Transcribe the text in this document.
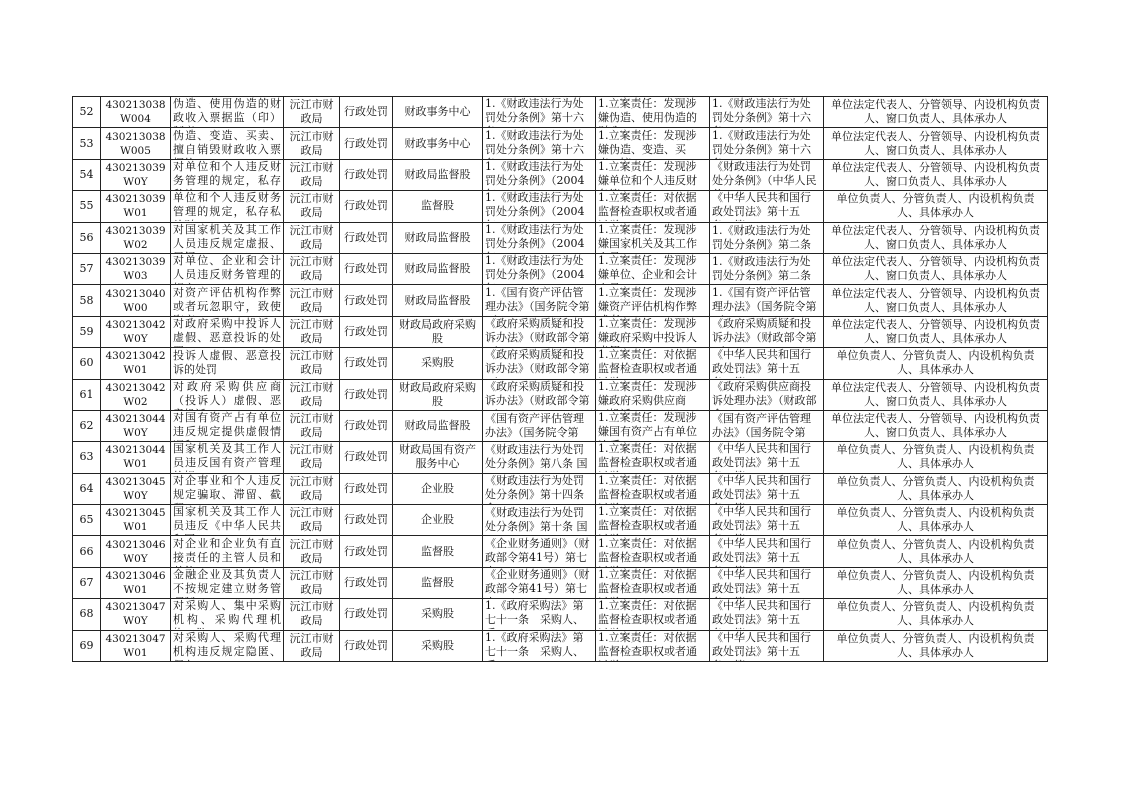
52	430213038W004	伪造、使用伪造的财政收入票据监（印）	沅江市财政局	行政处罚	财政事务中心	1.《财政违法行为处罚处分条例》第十六	1.立案责任：发现涉嫌伪造、使用伪造的	1.《财政违法行为处罚处分条例》第十六	单位法定代表人、分管领导、内设机构负责人、窗口负责人、具体承办人

53	430213038W005	伪造、变造、买卖、擅自销毁财政收入票	沅江市财政局	行政处罚	财政事务中心	1.《财政违法行为处罚处分条例》第十六	1.立案责任：发现涉嫌伪造、变造、买	1.《财政违法行为处罚处分条例》第十六	单位法定代表人、分管领导、内设机构负责人、窗口负责人、具体承办人

54	430213039W0Y	对单位和个人违反财务管理的规定，私存	沅江市财政局	行政处罚	财政局监督股	1.《财政违法行为处罚处分条例》（2004	1.立案责任：发现涉嫌单位和个人违反财	《财政违法行为处罚处分条例》（中华人民	单位法定代表人、分管领导、内设机构负责人、窗口负责人、具体承办人

55	430213039W01	单位和个人违反财务管理的规定，私存私	沅江市财政局	行政处罚	监督股	1.《财政违法行为处罚处分条例》（2004	1.立案责任：对依据监督检查职权或者通	《中华人民共和国行政处罚法》第十五	单位负责人、分管负责人、内设机构负责人、具体承办人

56	430213039W02	对国家机关及其工作人员违反规定虚报、	沅江市财政局	行政处罚	财政局监督股	1.《财政违法行为处罚处分条例》（2004	1.立案责任：发现涉嫌国家机关及其工作	1.《财政违法行为处罚处分条例》第二条	单位法定代表人、分管领导、内设机构负责人、窗口负责人、具体承办人

57	430213039W03	对单位、企业和会计人员违反财务管理的	沅江市财政局	行政处罚	财政局监督股	1.《财政违法行为处罚处分条例》（2004	1.立案责任：发现涉嫌单位、企业和会计	1.《财政违法行为处罚处分条例》第二条	单位法定代表人、分管领导、内设机构负责人、窗口负责人、具体承办人

58	430213040W00	对资产评估机构作弊或者玩忽职守，致使	沅江市财政局	行政处罚	财政局监督股	1.《国有资产评估管理办法》（国务院令第	1.立案责任：发现涉嫌资产评估机构作弊	1.《国有资产评估管理办法》（国务院令第	单位法定代表人、分管领导、内设机构负责人、窗口负责人、具体承办人

59	430213042W0Y	对政府采购中投诉人虚假、恶意投诉的处	沅江市财政局	行政处罚	财政局政府采购股	《政府采购质疑和投诉办法》（财政部令第	1.立案责任：发现涉嫌政府采购中投诉人	《政府采购质疑和投诉办法》（财政部令第	单位法定代表人、分管领导、内设机构负责人、窗口负责人、具体承办人

60	430213042W01	投诉人虚假、恶意投诉的处罚	沅江市财政局	行政处罚	采购股	《政府采购质疑和投诉办法》（财政部令第	1.立案责任：对依据监督检查职权或者通	《中华人民共和国行政处罚法》第十五	单位负责人、分管负责人、内设机构负责人、具体承办人

61	430213042W02	对政府采购供应商（投诉人）虚假、恶	沅江市财政局	行政处罚	财政局政府采购股	《政府采购质疑和投诉办法》（财政部令第	1.立案责任：发现涉嫌政府采购供应商	《政府采购供应商投诉处理办法》（财政部	单位法定代表人、分管领导、内设机构负责人、窗口负责人、具体承办人

62	430213044W0Y	对国有资产占有单位违反规定提供虚假情	沅江市财政局	行政处罚	财政局监督股	《国有资产评估管理办法》（国务院令第	1.立案责任：发现涉嫌国有资产占有单位	《国有资产评估管理办法》（国务院令第	单位法定代表人、分管领导、内设机构负责人、窗口负责人、具体承办人

63	430213044W01	国家机关及其工作人员违反国有资产管理	沅江市财政局	行政处罚	财政局国有资产服务中心	《财政违法行为处罚处分条例》第八条 国	1.立案责任：对依据监督检查职权或者通	《中华人民共和国行政处罚法》第十五	单位负责人、分管负责人、内设机构负责人、具体承办人

64	430213045W0Y	对企事业和个人违反规定骗取、滞留、截	沅江市财政局	行政处罚	企业股	《财政违法行为处罚处分条例》第十四条	1.立案责任：对依据监督检查职权或者通	《中华人民共和国行政处罚法》第十五	单位负责人、分管负责人、内设机构负责人、具体承办人

65	430213045W01	国家机关及其工作人员违反《中华人民共	沅江市财政局	行政处罚	企业股	《财政违法行为处罚处分条例》第十条 国	1.立案责任：对依据监督检查职权或者通	《中华人民共和国行政处罚法》第十五	单位负责人、分管负责人、内设机构负责人、具体承办人

66	430213046W0Y	对企业和企业负有直接责任的主管人员和	沅江市财政局	行政处罚	监督股	《企业财务通则》（财政部令第41号）第七	1.立案责任：对依据监督检查职权或者通	《中华人民共和国行政处罚法》第十五	单位负责人、分管负责人、内设机构负责人、具体承办人

67	430213046W01	金融企业及其负责人不按规定建立财务管	沅江市财政局	行政处罚	监督股	《企业财务通则》（财政部令第41号）第七	1.立案责任：对依据监督检查职权或者通	《中华人民共和国行政处罚法》第十五	单位负责人、分管负责人、内设机构负责人、具体承办人

68	430213047W0Y	对采购人、集中采购机构、采购代理机	沅江市财政局	行政处罚	采购股	1.《政府采购法》第七十一条　采购人、	1.立案责任：对依据监督检查职权或者通	《中华人民共和国行政处罚法》第十五	单位负责人、分管负责人、内设机构负责人、具体承办人

69	430213047W01	对采购人、采购代理机构违反规定隐匿、	沅江市财政局	行政处罚	采购股	1.《政府采购法》第七十一条　采购人、	1.立案责任：对依据监督检查职权或者通	《中华人民共和国行政处罚法》第十五	单位负责人、分管负责人、内设机构负责人、具体承办人
